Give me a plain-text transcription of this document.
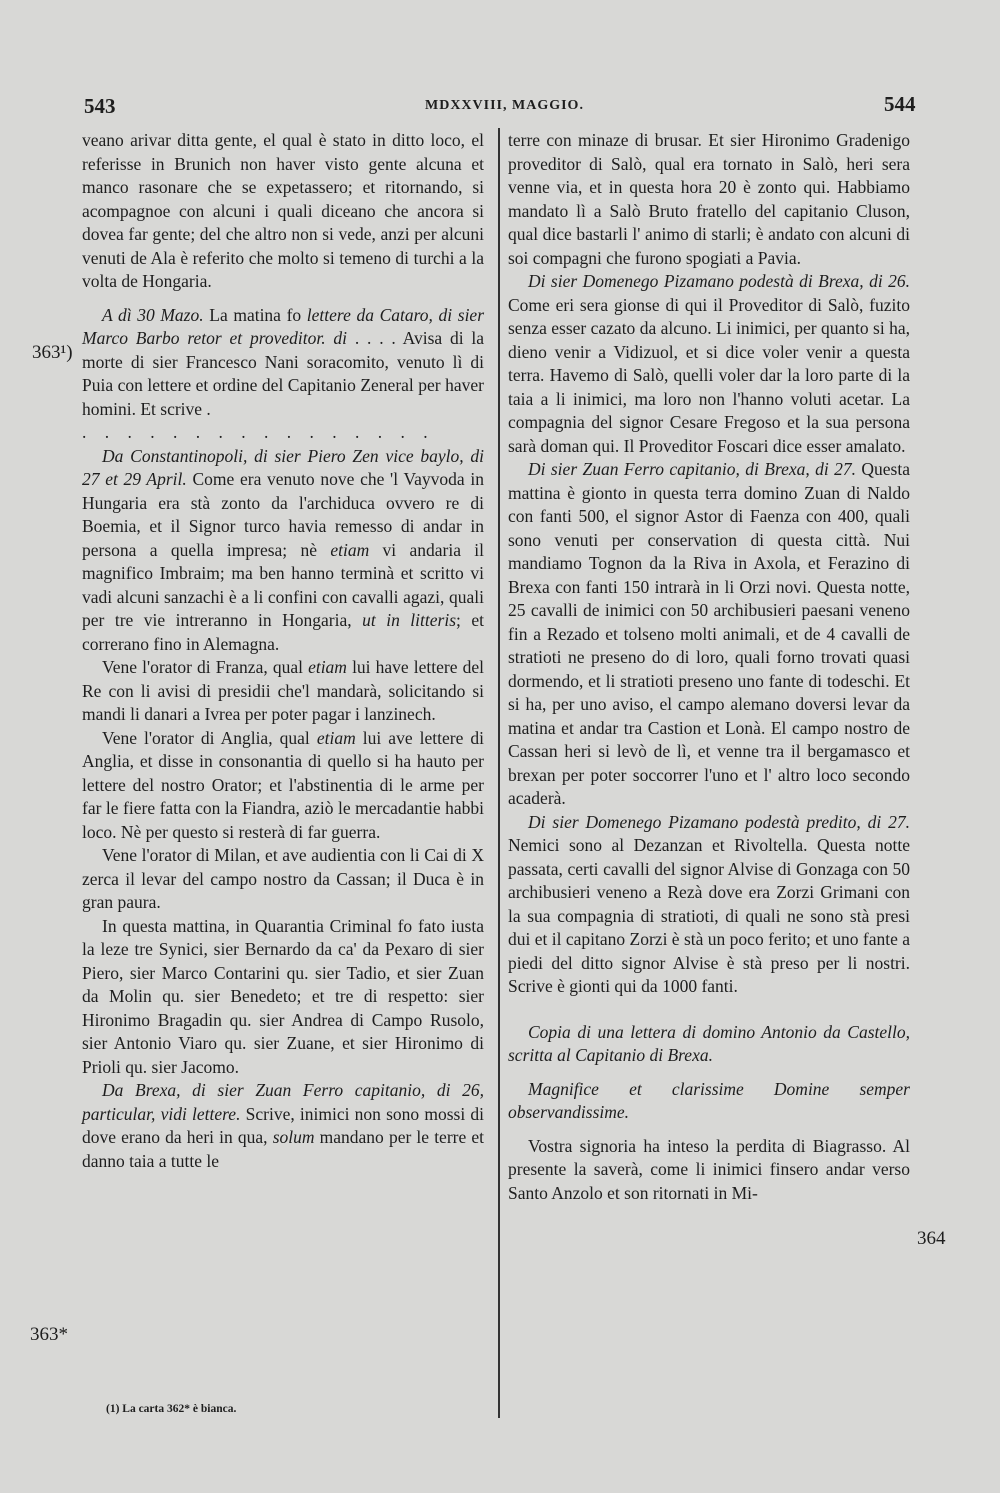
543	MDXXVIII, MAGGIO.	544
363¹)
363*
364

veano arivar ditta gente, el qual è stato in ditto loco, el referisse in Brunich non haver visto gente alcuna et manco rasonare che se expetassero; et ritornando, si acompagnoe con alcuni i quali diceano che ancora si dovea far gente; del che altro non si vede, anzi per alcuni venuti de Ala è referito che molto si temeno di turchi a la volta de Hongaria.

A dì 30 Mazo. La matina fo lettere da Cataro, di sier Marco Barbo retor et proveditor. di . . . . Avisa di la morte di sier Francesco Nani soracomito, venuto lì di Puia con lettere et ordine del Capitanio Zeneral per haver homini. Et scrive .

. . . . . . . . . . . . . . . .

Da Constantinopoli, di sier Piero Zen vice baylo, di 27 et 29 April. Come era venuto nove che 'l Vayvoda in Hungaria era stà zonto da l'archiduca ovvero re di Boemia, et il Signor turco havia remesso di andar in persona a quella impresa; nè etiam vi andaria il magnifico Imbraim; ma ben hanno terminà et scritto vi vadi alcuni sanzachi è a li confini con cavalli agazi, quali per tre vie intreranno in Hongaria, ut in litteris; et correrano fino in Alemagna.

Vene l'orator di Franza, qual etiam lui have lettere del Re con li avisi di presidii che'l mandarà, solicitando si mandi li danari a Ivrea per poter pagar i lanzinech.

Vene l'orator di Anglia, qual etiam lui ave lettere di Anglia, et disse in consonantia di quello si ha hauto per lettere del nostro Orator; et l'abstinentia di le arme per far le fiere fatta con la Fiandra, aziò le mercadantie habbi loco. Nè per questo si resterà di far guerra.

Vene l'orator di Milan, et ave audientia con li Cai di X zerca il levar del campo nostro da Cassan; il Duca è in gran paura.

In questa mattina, in Quarantia Criminal fo fato iusta la leze tre Synici, sier Bernardo da ca' da Pexaro di sier Piero, sier Marco Contarini qu. sier Tadio, et sier Zuan da Molin qu. sier Benedeto; et tre di respetto: sier Hironimo Bragadin qu. sier Andrea di Campo Rusolo, sier Antonio Viaro qu. sier Zuane, et sier Hironimo di Prioli qu. sier Jacomo.

Da Brexa, di sier Zuan Ferro capitanio, di 26, particular, vidi lettere. Scrive, inimici non sono mossi di dove erano da heri in qua, solum mandano per le terre et danno taia a tutte le

terre con minaze di brusar. Et sier Hironimo Gradenigo proveditor di Salò, qual era tornato in Salò, heri sera venne via, et in questa hora 20 è zonto qui. Habbiamo mandato lì a Salò Bruto fratello del capitanio Cluson, qual dice bastarli l' animo di starli; è andato con alcuni di soi compagni che furono spogiati a Pavia.

Di sier Domenego Pizamano podestà di Brexa, di 26. Come eri sera gionse di qui il Proveditor di Salò, fuzito senza esser cazato da alcuno. Li inimici, per quanto si ha, dieno venir a Vidizuol, et si dice voler venir a questa terra. Havemo di Salò, quelli voler dar la loro parte di la taia a li inimici, ma loro non l'hanno voluti acetar. La compagnia del signor Cesare Fregoso et la sua persona sarà doman qui. Il Proveditor Foscari dice esser amalato.

Di sier Zuan Ferro capitanio, di Brexa, di 27. Questa mattina è gionto in questa terra domino Zuan di Naldo con fanti 500, el signor Astor di Faenza con 400, quali sono venuti per conservation di questa città. Nui mandiamo Tognon da la Riva in Axola, et Ferazino di Brexa con fanti 150 intrarà in li Orzi novi. Questa notte, 25 cavalli de inimici con 50 archibusieri paesani veneno fin a Rezado et tolseno molti animali, et de 4 cavalli de stratioti ne preseno do di loro, quali forno trovati quasi dormendo, et li stratioti preseno uno fante di todeschi. Et si ha, per uno aviso, el campo alemano doversi levar da matina et andar tra Castion et Lonà. El campo nostro de Cassan heri si levò de lì, et venne tra il bergamasco et brexan per poter soccorrer l'uno et l' altro loco secondo acaderà.

Di sier Domenego Pizamano podestà predito, di 27. Nemici sono al Dezanzan et Rivoltella. Questa notte passata, certi cavalli del signor Alvise di Gonzaga con 50 archibusieri veneno a Rezà dove era Zorzi Grimani con la sua compagnia di stratioti, di quali ne sono stà presi dui et il capitano Zorzi è stà un poco ferito; et uno fante a piedi del ditto signor Alvise è stà preso per li nostri. Scrive è gionti qui da 1000 fanti.

Copia di una lettera di domino Antonio da Castello, scritta al Capitanio di Brexa.

Magnifice et clarissime Domine semper observandissime.

Vostra signoria ha inteso la perdita di Biagrasso. Al presente la saverà, come li inimici finsero andar verso Santo Anzolo et son ritornati in Mi-

(1) La carta 362* è bianca.
